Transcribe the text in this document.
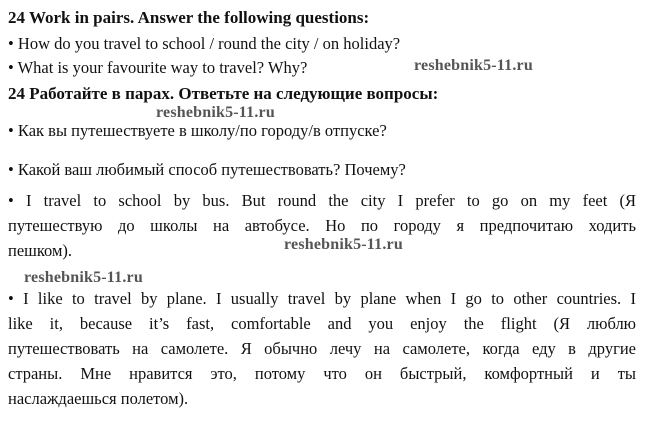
24 Work in pairs. Answer the following questions:
• How do you travel to school / round the city / on holiday?
• What is your favourite way to travel? Why?	reshebnik5-11.ru
24 Работайте в парах. Ответьте на следующие вопросы:
reshebnik5-11.ru
• Как вы путешествуете в школу/по городу/в отпуске?
• Какой ваш любимый способ путешествовать? Почему?
• I travel to school by bus. But round the city I prefer to go on my feet (Я
путешествую до школы на автобусе. Но по городу я предпочитаю ходить
пешком).	reshebnik5-11.ru
reshebnik5-11.ru
• I like to travel by plane. I usually travel by plane when I go to other countries. I
like it, because it’s fast, comfortable and you enjoy the flight (Я люблю
путешествовать на самолете. Я обычно лечу на самолете, когда еду в другие
страны. Мне нравится это, потому что он быстрый, комфортный и ты
наслаждаешься полетом).
